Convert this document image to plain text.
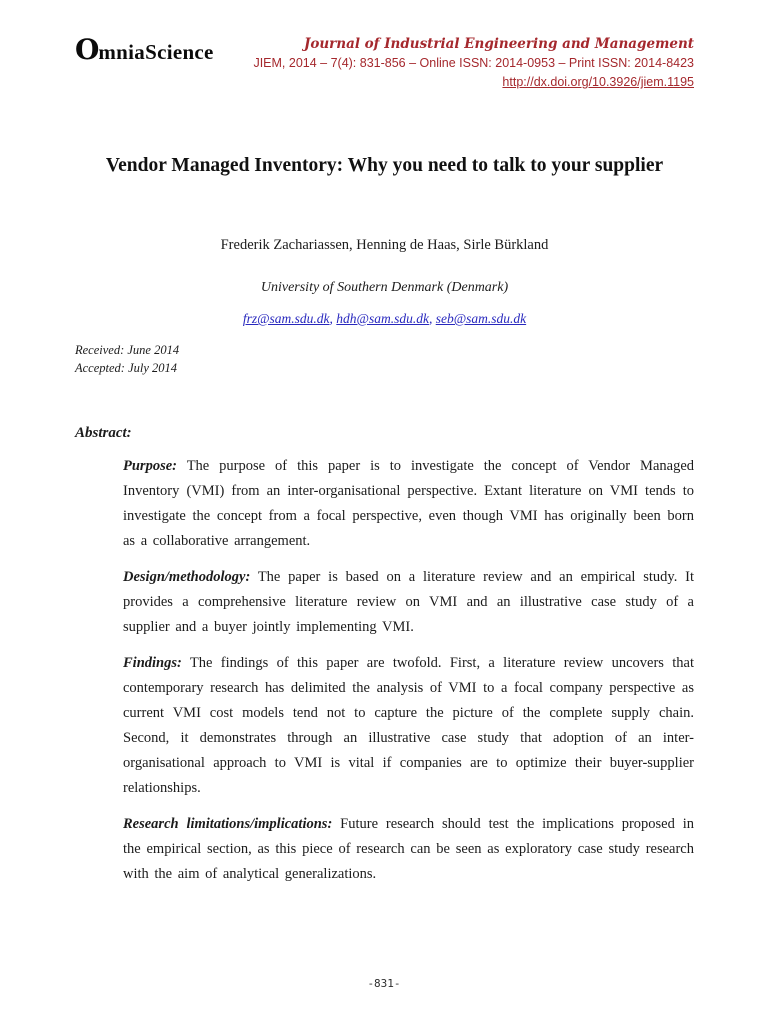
OmniaScience	Journal of Industrial Engineering and Management
JIEM, 2014 – 7(4): 831-856 – Online ISSN: 2014-0953 – Print ISSN: 2014-8423
http://dx.doi.org/10.3926/jiem.1195
Vendor Managed Inventory: Why you need to talk to your supplier
Frederik Zachariassen, Henning de Haas, Sirle Bürkland
University of Southern Denmark (Denmark)
frz@sam.sdu.dk, hdh@sam.sdu.dk, seb@sam.sdu.dk
Received: June 2014
Accepted: July 2014
Abstract:

Purpose: The purpose of this paper is to investigate the concept of Vendor Managed Inventory (VMI) from an inter-organisational perspective. Extant literature on VMI tends to investigate the concept from a focal perspective, even though VMI has originally been born as a collaborative arrangement.

Design/methodology: The paper is based on a literature review and an empirical study. It provides a comprehensive literature review on VMI and an illustrative case study of a supplier and a buyer jointly implementing VMI.

Findings: The findings of this paper are twofold. First, a literature review uncovers that contemporary research has delimited the analysis of VMI to a focal company perspective as current VMI cost models tend not to capture the picture of the complete supply chain. Second, it demonstrates through an illustrative case study that adoption of an inter-organisational approach to VMI is vital if companies are to optimize their buyer-supplier relationships.

Research limitations/implications: Future research should test the implications proposed in the empirical section, as this piece of research can be seen as exploratory case study research with the aim of analytical generalizations.

-831-
